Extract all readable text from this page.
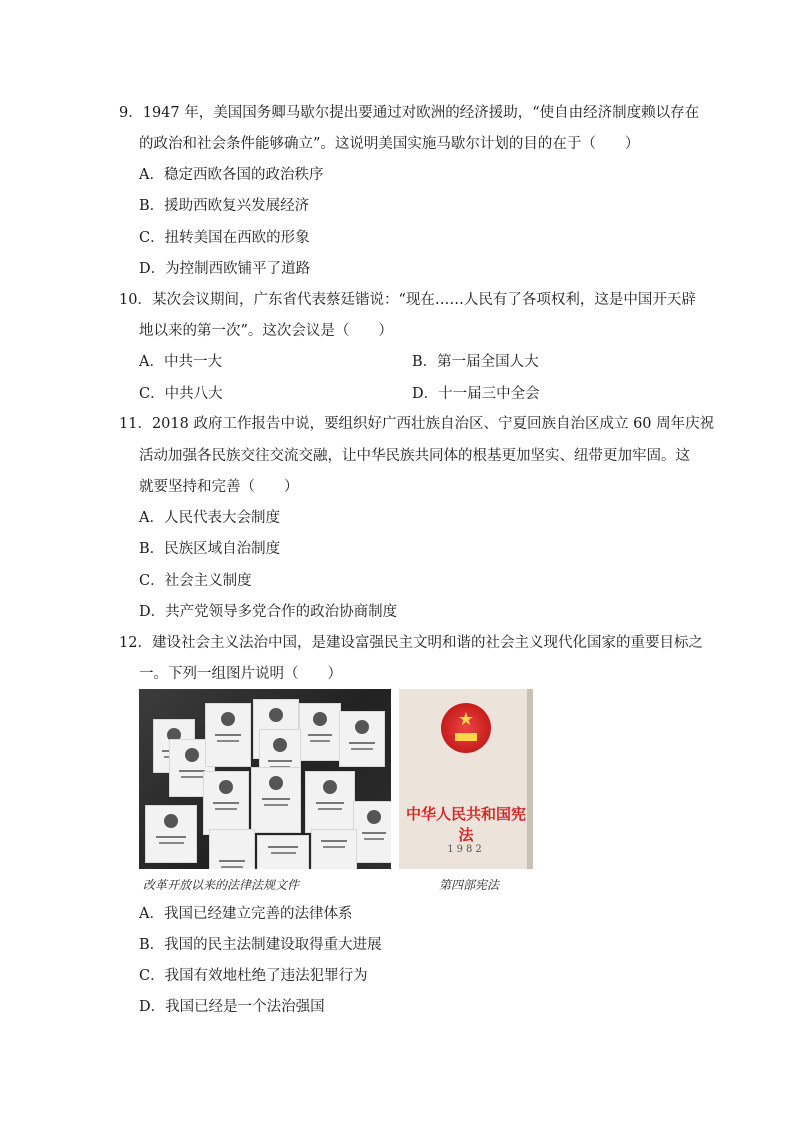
9．1947 年，美国国务卿马歇尔提出要通过对欧洲的经济援助，“使自由经济制度赖以存在
的政治和社会条件能够确立”。这说明美国实施马歇尔计划的目的在于（　　）
A．稳定西欧各国的政治秩序
B．援助西欧复兴发展经济
C．扭转美国在西欧的形象
D．为控制西欧铺平了道路
10．某次会议期间，广东省代表蔡廷锴说：“现在……人民有了各项权利，这是中国开天辟
地以来的第一次”。这次会议是（　　）
A．中共一大	B．第一届全国人大
C．中共八大	D．十一届三中全会
11．2018 政府工作报告中说，要组织好广西壮族自治区、宁夏回族自治区成立 60 周年庆祝
活动加强各民族交往交流交融，让中华民族共同体的根基更加坚实、纽带更加牢固。这
就要坚持和完善（　　）
A．人民代表大会制度
B．民族区域自治制度
C．社会主义制度
D．共产党领导多党合作的政治协商制度
12．建设社会主义法治中国，是建设富强民主文明和谐的社会主义现代化国家的重要目标之
一。下列一组图片说明（　　）
★
中华人民共和国宪法
1982
改革开放以来的法律法规文件	第四部宪法
A．我国已经建立完善的法律体系
B．我国的民主法制建设取得重大进展
C．我国有效地杜绝了违法犯罪行为
D．我国已经是一个法治强国
